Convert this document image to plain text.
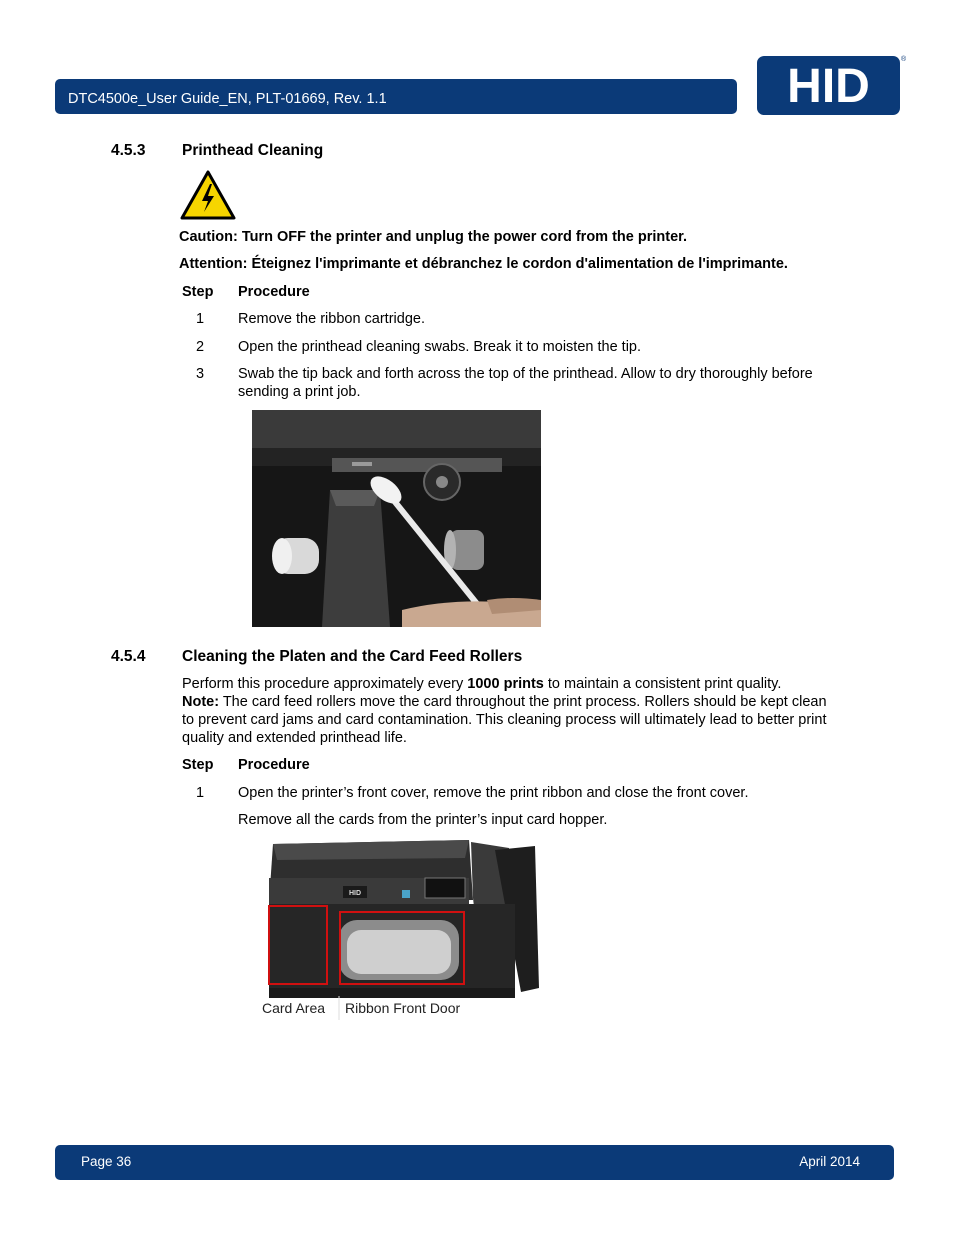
DTC4500e_User Guide_EN, PLT-01669, Rev. 1.1	HID
®
4.5.3 Printhead Cleaning
Caution: Turn OFF the printer and unplug the power cord from the printer.
Attention: Éteignez l'imprimante et débranchez le cordon d'alimentation de l'imprimante.
Step Procedure
1 Remove the ribbon cartridge.
2 Open the printhead cleaning swabs. Break it to moisten the tip.
3 Swab the tip back and forth across the top of the printhead. Allow to dry thoroughly before
sending a print job.
4.5.4 Cleaning the Platen and the Card Feed Rollers
Perform this procedure approximately every 1000 prints to maintain a consistent print quality.
Note: The card feed rollers move the card throughout the print process. Rollers should be kept clean
to prevent card jams and card contamination. This cleaning process will ultimately lead to better print
quality and extended printhead life.
Step Procedure
1 Open the printer’s front cover, remove the print ribbon and close the front cover.
Remove all the cards from the printer’s input card hopper.
HID
Card Area Ribbon Front Door
Page 36	April 2014
